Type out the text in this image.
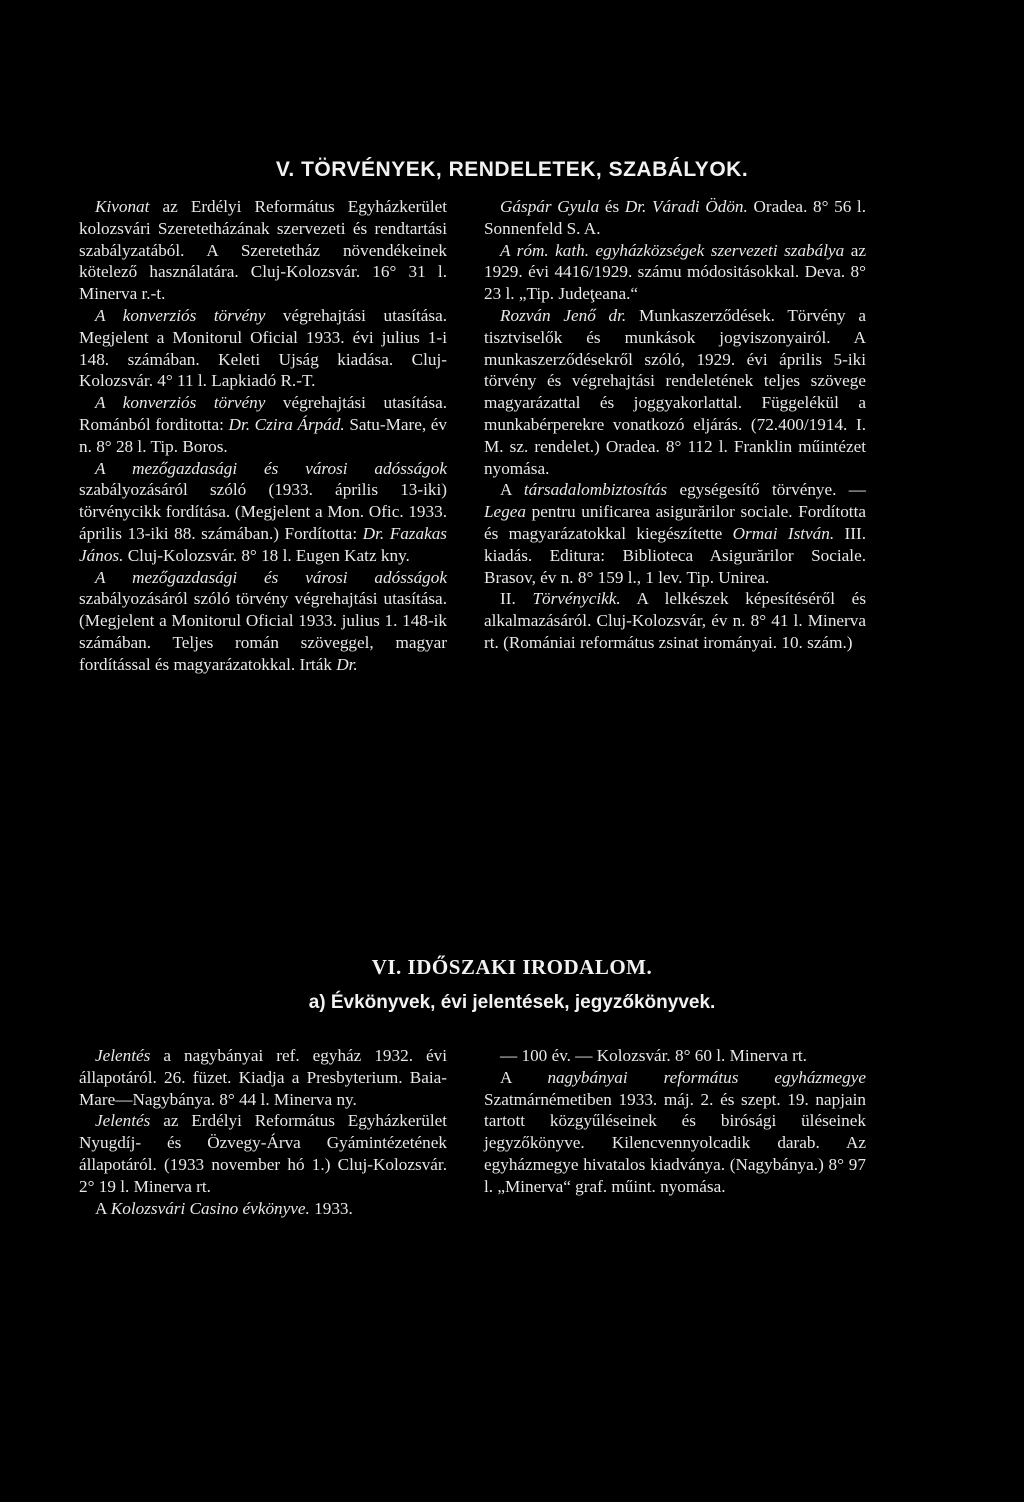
V. TÖRVÉNYEK, RENDELETEK, SZABÁLYOK.

Kivonat az Erdélyi Református Egyházkerület kolozsvári Szeretetházának szervezeti és rendtartási szabályzatából. A Szeretetház növendékeinek kötelező használatára. Cluj-Kolozsvár. 16° 31 l. Minerva r.-t.

A konverziós törvény végrehajtási utasítása. Megjelent a Monitorul Oficial 1933. évi julius 1-i 148. számában. Keleti Ujság kiadása. Cluj-Kolozsvár. 4° 11 l. Lapkiadó R.-T.

A konverziós törvény végrehajtási utasítása. Románból forditotta: Dr. Czira Árpád. Satu-Mare, év n. 8° 28 l. Tip. Boros.

A mezőgazdasági és városi adósságok szabályozásáról szóló (1933. április 13-iki) törvénycikk fordítása. (Megjelent a Mon. Ofic. 1933. április 13-iki 88. számában.) Fordította: Dr. Fazakas János. Cluj-Kolozsvár. 8° 18 l. Eugen Katz kny.

A mezőgazdasági és városi adósságok szabályozásáról szóló törvény végrehajtási utasítása. (Megjelent a Monitorul Oficial 1933. julius 1. 148-ik számában. Teljes román szöveggel, magyar fordítással és magyarázatokkal. Irták Dr.

Gáspár Gyula és Dr. Váradi Ödön. Oradea. 8° 56 l. Sonnenfeld S. A.

A róm. kath. egyházközségek szervezeti szabálya az 1929. évi 4416/1929. számu módositásokkal. Deva. 8° 23 l. „Tip. Judeţeana.“

Rozván Jenő dr. Munkaszerződések. Törvény a tisztviselők és munkások jogviszonyairól. A munkaszerződésekről szóló, 1929. évi április 5-iki törvény és végrehajtási rendeletének teljes szövege magyarázattal és joggyakorlattal. Függelékül a munkabérperekre vonatkozó eljárás. (72.400/1914. I. M. sz. rendelet.) Oradea. 8° 112 l. Franklin műintézet nyomása.

A társadalombiztosítás egységesítő törvénye. — Legea pentru unificarea asigurărilor sociale. Fordította és magyarázatokkal kiegészítette Ormai István. III. kiadás. Editura: Biblioteca Asigurărilor Sociale. Brasov, év n. 8° 159 l., 1 lev. Tip. Unirea.

II. Törvénycikk. A lelkészek képesítéséről és alkalmazásáról. Cluj-Kolozsvár, év n. 8° 41 l. Minerva rt. (Romániai református zsinat irományai. 10. szám.)

VI. IDŐSZAKI IRODALOM.
a) Évkönyvek, évi jelentések, jegyzőkönyvek.

Jelentés a nagybányai ref. egyház 1932. évi állapotáról. 26. füzet. Kiadja a Presbyterium. Baia-Mare—Nagybánya. 8° 44 l. Minerva ny.

Jelentés az Erdélyi Református Egyházkerület Nyugdíj- és Özvegy-Árva Gyámintézetének állapotáról. (1933 november hó 1.) Cluj-Kolozsvár. 2° 19 l. Minerva rt.

A Kolozsvári Casino évkönyve. 1933.

— 100 év. — Kolozsvár. 8° 60 l. Minerva rt.

A nagybányai református egyházmegye Szatmárnémetiben 1933. máj. 2. és szept. 19. napjain tartott közgyűléseinek és birósági üléseinek jegyzőkönyve. Kilencvennyolcadik darab. Az egyházmegye hivatalos kiadványa. (Nagybánya.) 8° 97 l. „Minerva“ graf. műint. nyomása.
